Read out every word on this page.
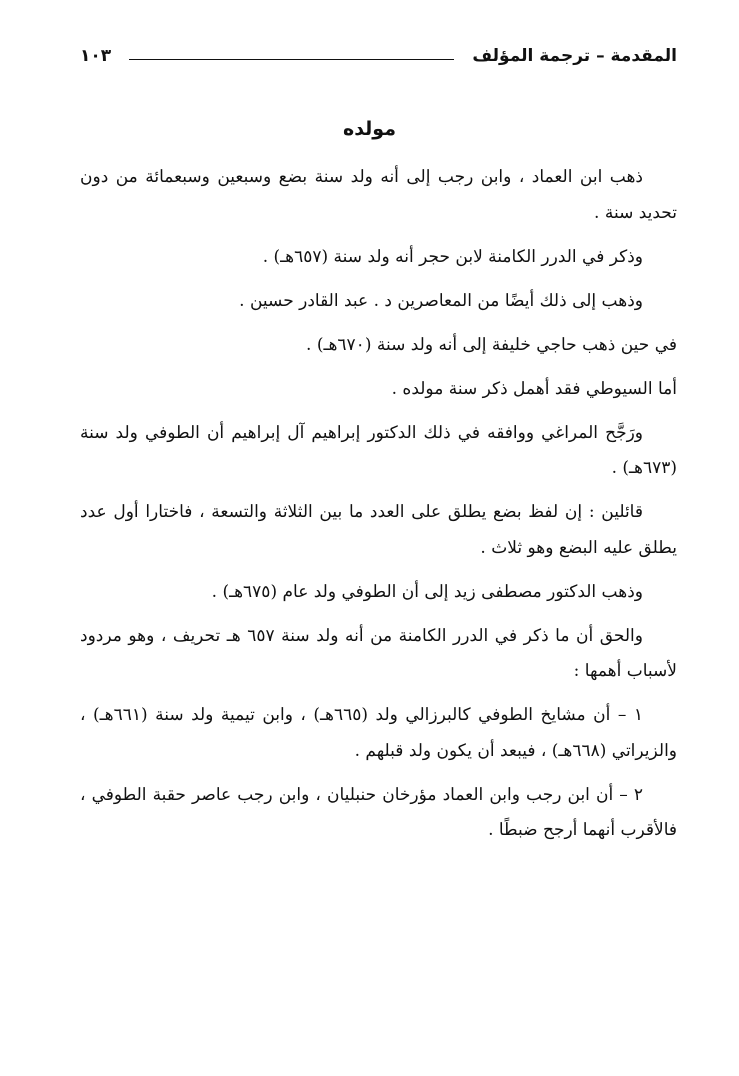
المقدمة – ترجمة المؤلف
١٠٣
مولده

ذهب ابن العماد ، وابن رجب إلى أنه ولد سنة بضع وسبعين وسبعمائة من دون تحديد سنة .

وذكر في الدرر الكامنة لابن حجر أنه ولد سنة (٦٥٧هـ) .

وذهب إلى ذلك أيضًا من المعاصرين د . عبد القادر حسين .

في حين ذهب حاجي خليفة إلى أنه ولد سنة (٦٧٠هـ) .

أما السيوطي فقد أهمل ذكر سنة مولده .

ورَجَّح المراغي ووافقه في ذلك الدكتور إبراهيم آل إبراهيم أن الطوفي ولد سنة (٦٧٣هـ) .

قائلين : إن لفظ بضع يطلق على العدد ما بين الثلاثة والتسعة ، فاختارا أول عدد يطلق عليه البضع وهو ثلاث .

وذهب الدكتور مصطفى زيد إلى أن الطوفي ولد عام (٦٧٥هـ) .

والحق أن ما ذكر في الدرر الكامنة من أنه ولد سنة ٦٥٧ هـ تحريف ، وهو مردود لأسباب أهمها :

١ – أن مشايخ الطوفي كالبرزالي ولد (٦٦٥هـ) ، وابن تيمية ولد سنة (٦٦١هـ) ، والزيراتي (٦٦٨هـ) ، فيبعد أن يكون ولد قبلهم .

٢ – أن ابن رجب وابن العماد مؤرخان حنبليان ، وابن رجب عاصر حقبة الطوفي ، فالأقرب أنهما أرجح ضبطًا .
